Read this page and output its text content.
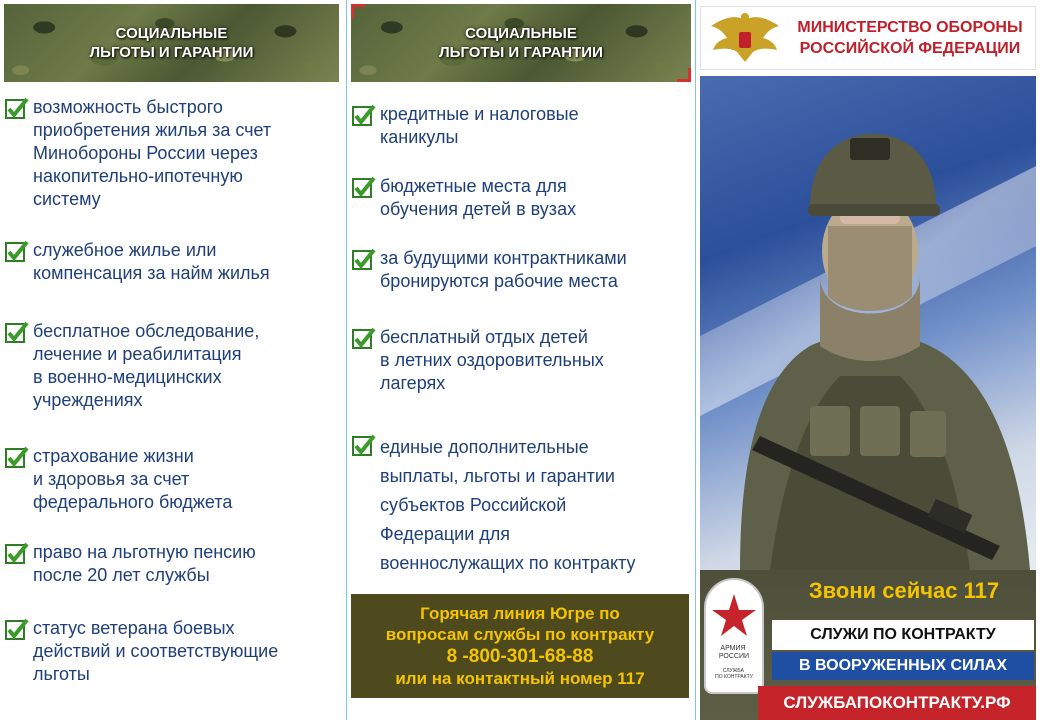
СОЦИАЛЬНЫЕ
ЛЬГОТЫ И ГАРАНТИИ
возможность быстрого
приобретения жилья за счет
Минобороны России через
накопительно-ипотечную
систему
служебное жилье или
компенсация за найм жилья
бесплатное обследование,
лечение и реабилитация
в военно-медицинских
учреждениях
страхование жизни
и здоровья за счет
федерального бюджета
право на льготную пенсию
после 20 лет службы
статус ветерана боевых
действий и соответствующие
льготы
СОЦИАЛЬНЫЕ
ЛЬГОТЫ И ГАРАНТИИ
кредитные и налоговые
каникулы
бюджетные места для
обучения детей в вузах
за будущими контрактниками
бронируются рабочие места
бесплатный отдых детей
в летних оздоровительных
лагерях
единые дополнительные
выплаты, льготы и гарантии
субъектов Российской
Федерации для
военнослужащих по контракту
Горячая линия Югре по
вопросам службы по контракту
8 -800-301-68-88
или на контактный номер 117
МИНИСТЕРСТВО ОБОРОНЫ
РОССИЙСКОЙ ФЕДЕРАЦИИ
АРМИЯ РОССИИ
СЛУЖБА ПО КОНТРАКТУ
Звони сейчас 117
СЛУЖИ ПО КОНТРАКТУ
В ВООРУЖЕННЫХ СИЛАХ
СЛУЖБАПОКОНТРАКТУ.РФ
